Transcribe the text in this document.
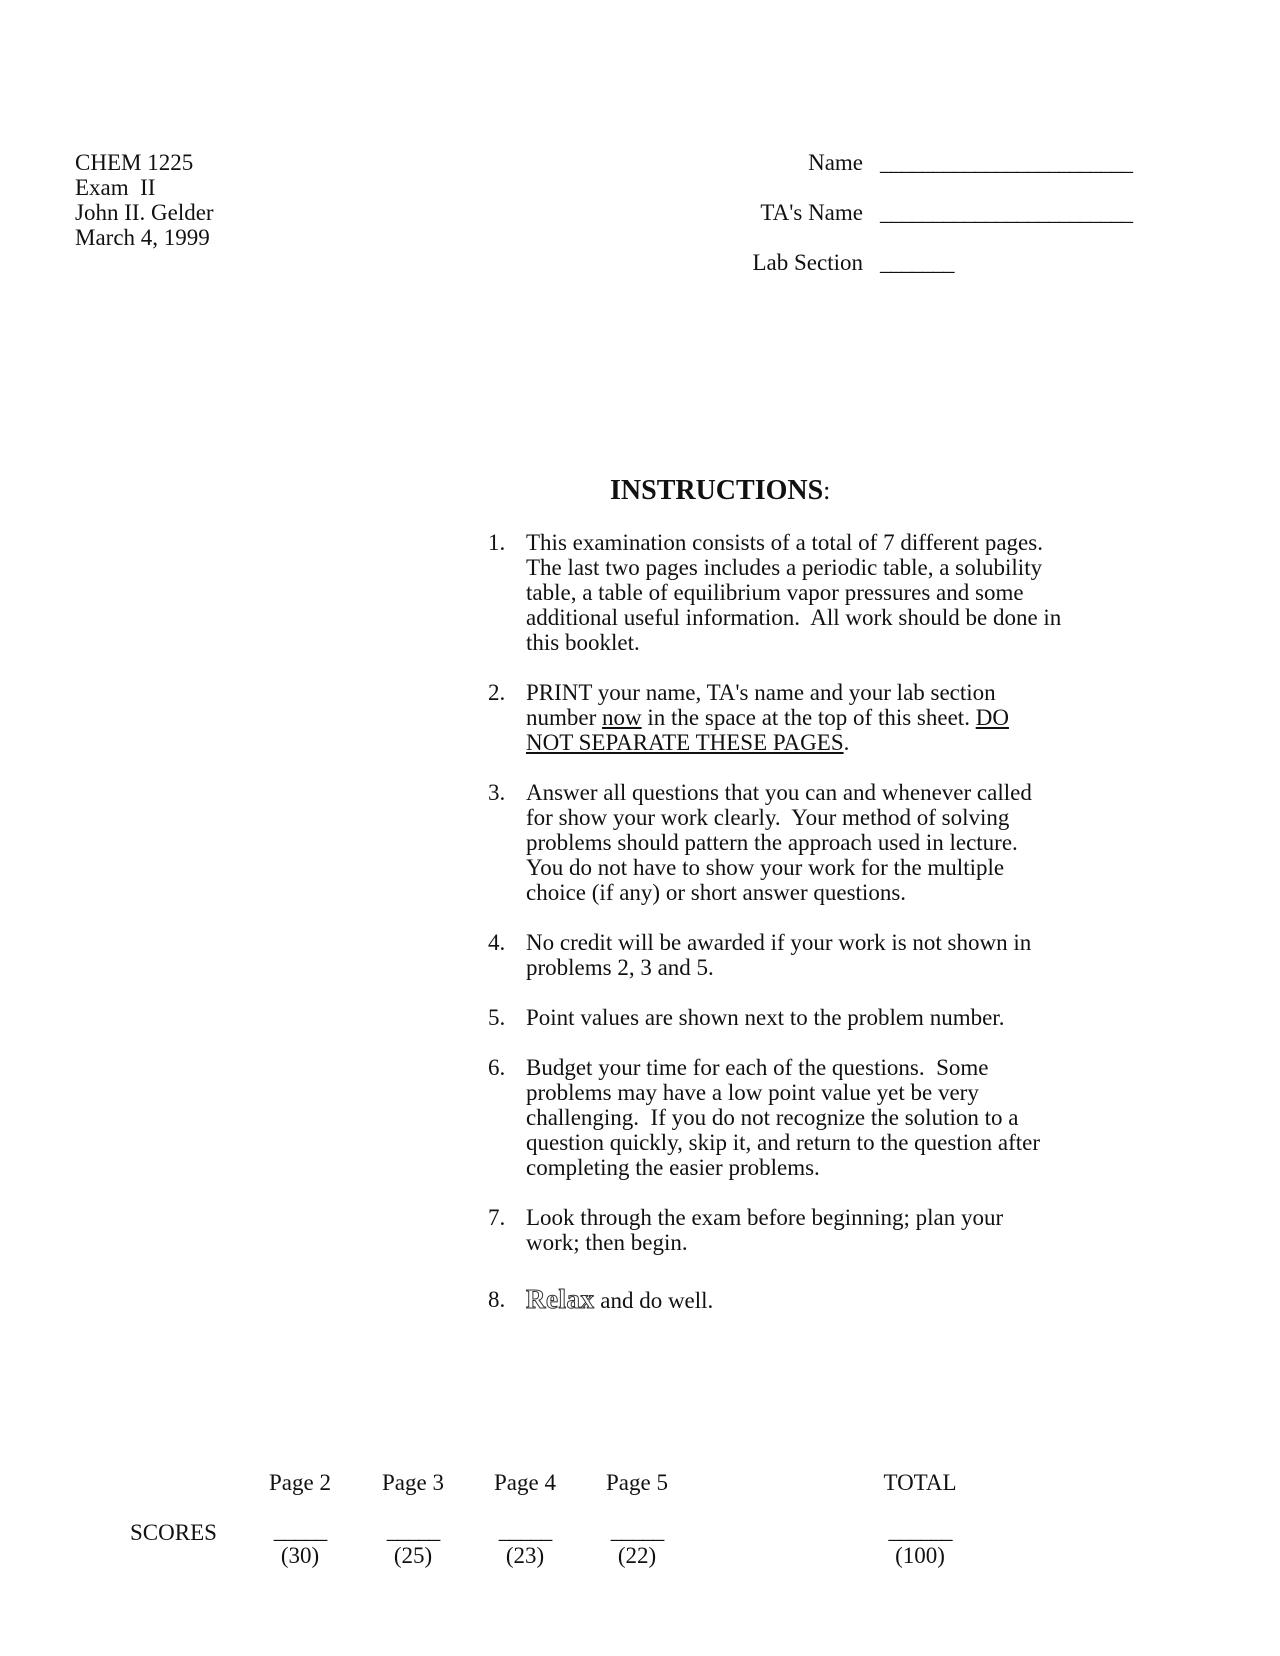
CHEM 1225
Exam  II
John II. Gelder
March 4, 1999
Name ________________________
TA's Name ________________________
Lab Section _______
INSTRUCTIONS:
1. This examination consists of a total of 7 different pages.
The last two pages includes a periodic table, a solubility
table, a table of equilibrium vapor pressures and some
additional useful information.  All work should be done in
this booklet.
2. PRINT your name, TA's name and your lab section
number now in the space at the top of this sheet. DO
NOT SEPARATE THESE PAGES.
3. Answer all questions that you can and whenever called
for show your work clearly.  Your method of solving
problems should pattern the approach used in lecture.
You do not have to show your work for the multiple
choice (if any) or short answer questions.
4. No credit will be awarded if your work is not shown in
problems 2, 3 and 5.
5. Point values are shown next to the problem number.
6. Budget your time for each of the questions.  Some
problems may have a low point value yet be very
challenging.  If you do not recognize the solution to a
question quickly, skip it, and return to the question after
completing the easier problems.
7. Look through the exam before beginning; plan your
work; then begin.
8. Relax and do well.
SCORES
Page 2
_____
(30)
Page 3
_____
(25)
Page 4
_____
(23)
Page 5
_____
(22)
TOTAL
______
(100)
